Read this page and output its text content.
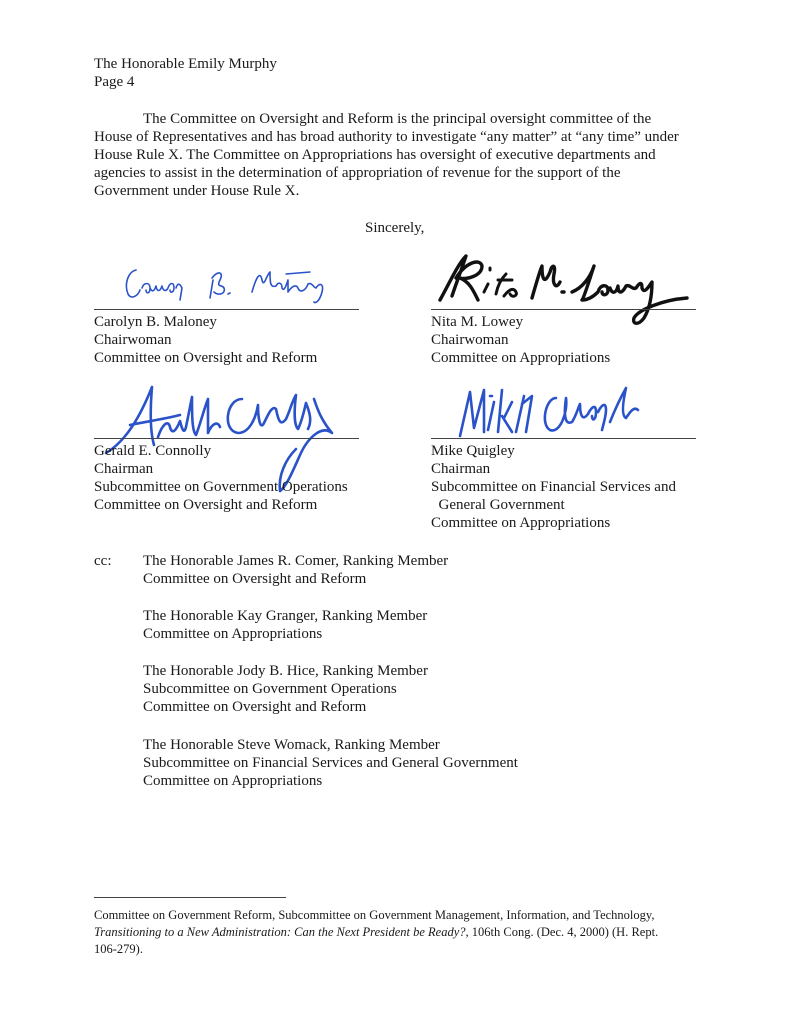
The Honorable Emily Murphy
Page 4
The Committee on Oversight and Reform is the principal oversight committee of the
House of Representatives and has broad authority to investigate “any matter” at “any time” under
House Rule X. The Committee on Appropriations has oversight of executive departments and
agencies to assist in the determination of appropriation of revenue for the support of the
Government under House Rule X.
Sincerely,
Carolyn B. Maloney
Chairwoman
Committee on Oversight and Reform
Nita M. Lowey
Chairwoman
Committee on Appropriations
Gerald E. Connolly
Chairman
Subcommittee on Government Operations
Committee on Oversight and Reform
Mike Quigley
Chairman
Subcommittee on Financial Services and
General Government
Committee on Appropriations
cc: The Honorable James R. Comer, Ranking Member
Committee on Oversight and Reform
The Honorable Kay Granger, Ranking Member
Committee on Appropriations
The Honorable Jody B. Hice, Ranking Member
Subcommittee on Government Operations
Committee on Oversight and Reform
The Honorable Steve Womack, Ranking Member
Subcommittee on Financial Services and General Government
Committee on Appropriations
Committee on Government Reform, Subcommittee on Government Management, Information, and Technology,
Transitioning to a New Administration: Can the Next President be Ready?, 106th Cong. (Dec. 4, 2000) (H. Rept.
106-279).
